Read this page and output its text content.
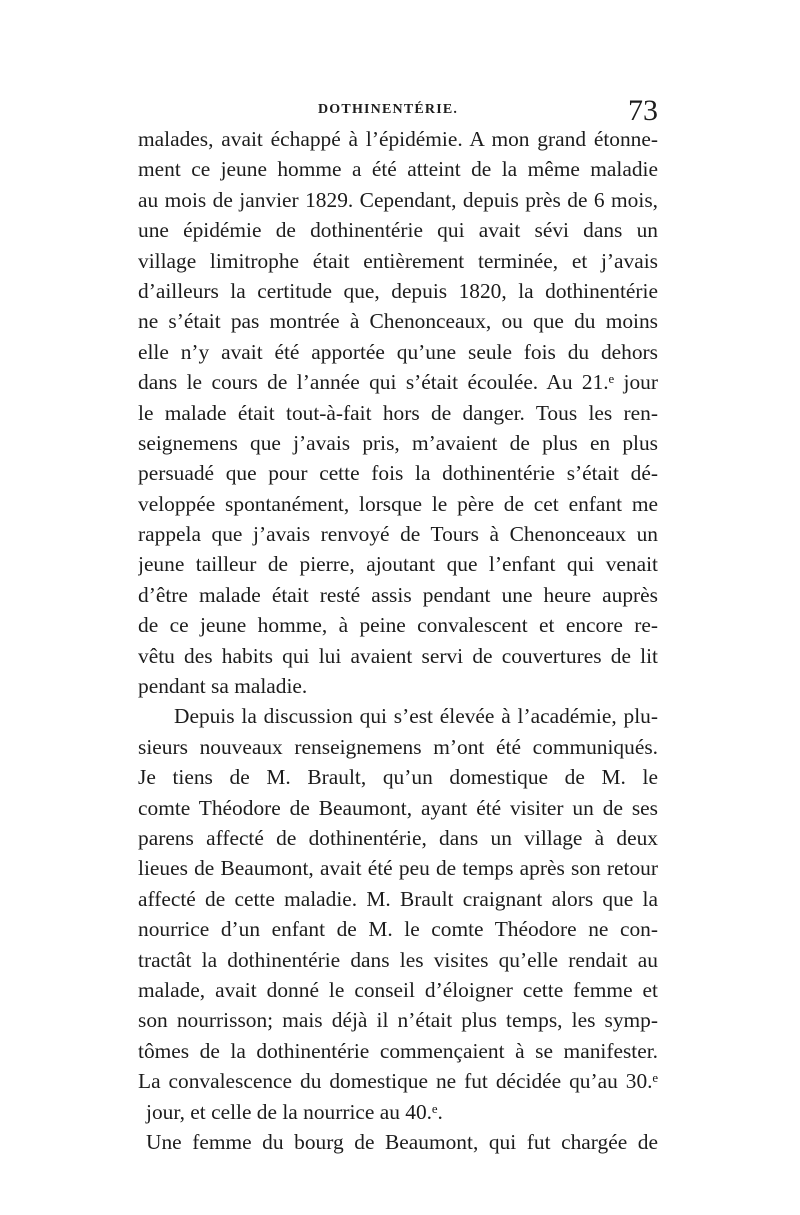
DOTHINENTÉRIE.	73
malades, avait échappé à l’épidémie. A mon grand étonne-
ment ce jeune homme a été atteint de la même maladie
au mois de janvier 1829. Cependant, depuis près de 6 mois,
une épidémie de dothinentérie qui avait sévi dans un
village limitrophe était entièrement terminée, et j’avais
d’ailleurs la certitude que, depuis 1820, la dothinentérie
ne s’était pas montrée à Chenonceaux, ou que du moins
elle n’y avait été apportée qu’une seule fois du dehors
dans le cours de l’année qui s’était écoulée. Au 21.ᵉ jour
le malade était tout-à-fait hors de danger. Tous les ren-
seignemens que j’avais pris, m’avaient de plus en plus
persuadé que pour cette fois la dothinentérie s’était dé-
veloppée spontanément, lorsque le père de cet enfant me
rappela que j’avais renvoyé de Tours à Chenonceaux un
jeune tailleur de pierre, ajoutant que l’enfant qui venait
d’être malade était resté assis pendant une heure auprès
de ce jeune homme, à peine convalescent et encore re-
vêtu des habits qui lui avaient servi de couvertures de lit
pendant sa maladie.
Depuis la discussion qui s’est élevée à l’académie, plu-
sieurs nouveaux renseignemens m’ont été communiqués.
Je tiens de M. Brault, qu’un domestique de M. le
comte Théodore de Beaumont, ayant été visiter un de ses
parens affecté de dothinentérie, dans un village à deux
lieues de Beaumont, avait été peu de temps après son retour
affecté de cette maladie. M. Brault craignant alors que la
nourrice d’un enfant de M. le comte Théodore ne con-
tractât la dothinentérie dans les visites qu’elle rendait au
malade, avait donné le conseil d’éloigner cette femme et
son nourrisson; mais déjà il n’était plus temps, les symp-
tômes de la dothinentérie commençaient à se manifester.
La convalescence du domestique ne fut décidée qu’au 30.ᵉ
jour, et celle de la nourrice au 40.ᵉ.
Une femme du bourg de Beaumont, qui fut chargée de
